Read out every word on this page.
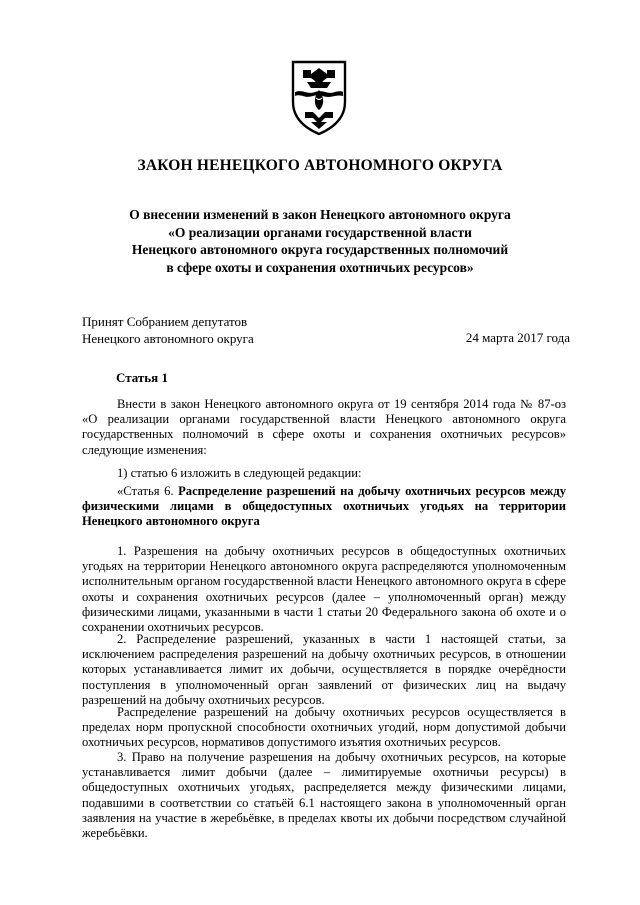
ЗАКОН НЕНЕЦКОГО АВТОНОМНОГО ОКРУГА
О внесении изменений в закон Ненецкого автономного округа
«О реализации органами государственной власти
Ненецкого автономного округа государственных полномочий
в сфере охоты и сохранения охотничьих ресурсов»
Принят Собранием депутатов
Ненецкого автономного округа	24 марта 2017 года
Статья 1

Внести в закон Ненецкого автономного округа от 19 сентября 2014 года № 87-оз «О реализации органами государственной власти Ненецкого автономного округа государственных полномочий в сфере охоты и сохранения охотничьих ресурсов» следующие изменения:

1) статью 6 изложить в следующей редакции:

«Статья 6. Распределение разрешений на добычу охотничьих ресурсов между физическими лицами в общедоступных охотничьих угодьях на территории Ненецкого автономного округа

1. Разрешения на добычу охотничьих ресурсов в общедоступных охотничьих угодьях на территории Ненецкого автономного округа распределяются уполномоченным исполнительным органом государственной власти Ненецкого автономного округа в сфере охоты и сохранения охотничьих ресурсов (далее – уполномоченный орган) между физическими лицами, указанными в части 1 статьи 20 Федерального закона об охоте и о сохранении охотничьих ресурсов.

2. Распределение разрешений, указанных в части 1 настоящей статьи, за исключением распределения разрешений на добычу охотничьих ресурсов, в отношении которых устанавливается лимит их добычи, осуществляется в порядке очерёдности поступления в уполномоченный орган заявлений от физических лиц на выдачу разрешений на добычу охотничьих ресурсов.

Распределение разрешений на добычу охотничьих ресурсов осуществляется в пределах норм пропускной способности охотничьих угодий, норм допустимой добычи охотничьих ресурсов, нормативов допустимого изъятия охотничьих ресурсов.

3. Право на получение разрешения на добычу охотничьих ресурсов, на которые устанавливается лимит добычи (далее – лимитируемые охотничьи ресурсы) в общедоступных охотничьих угодьях, распределяется между физическими лицами, подавшими в соответствии со статьёй 6.1 настоящего закона в уполномоченный орган заявления на участие в жеребьёвке, в пределах квоты их добычи посредством случайной жеребьёвки.
